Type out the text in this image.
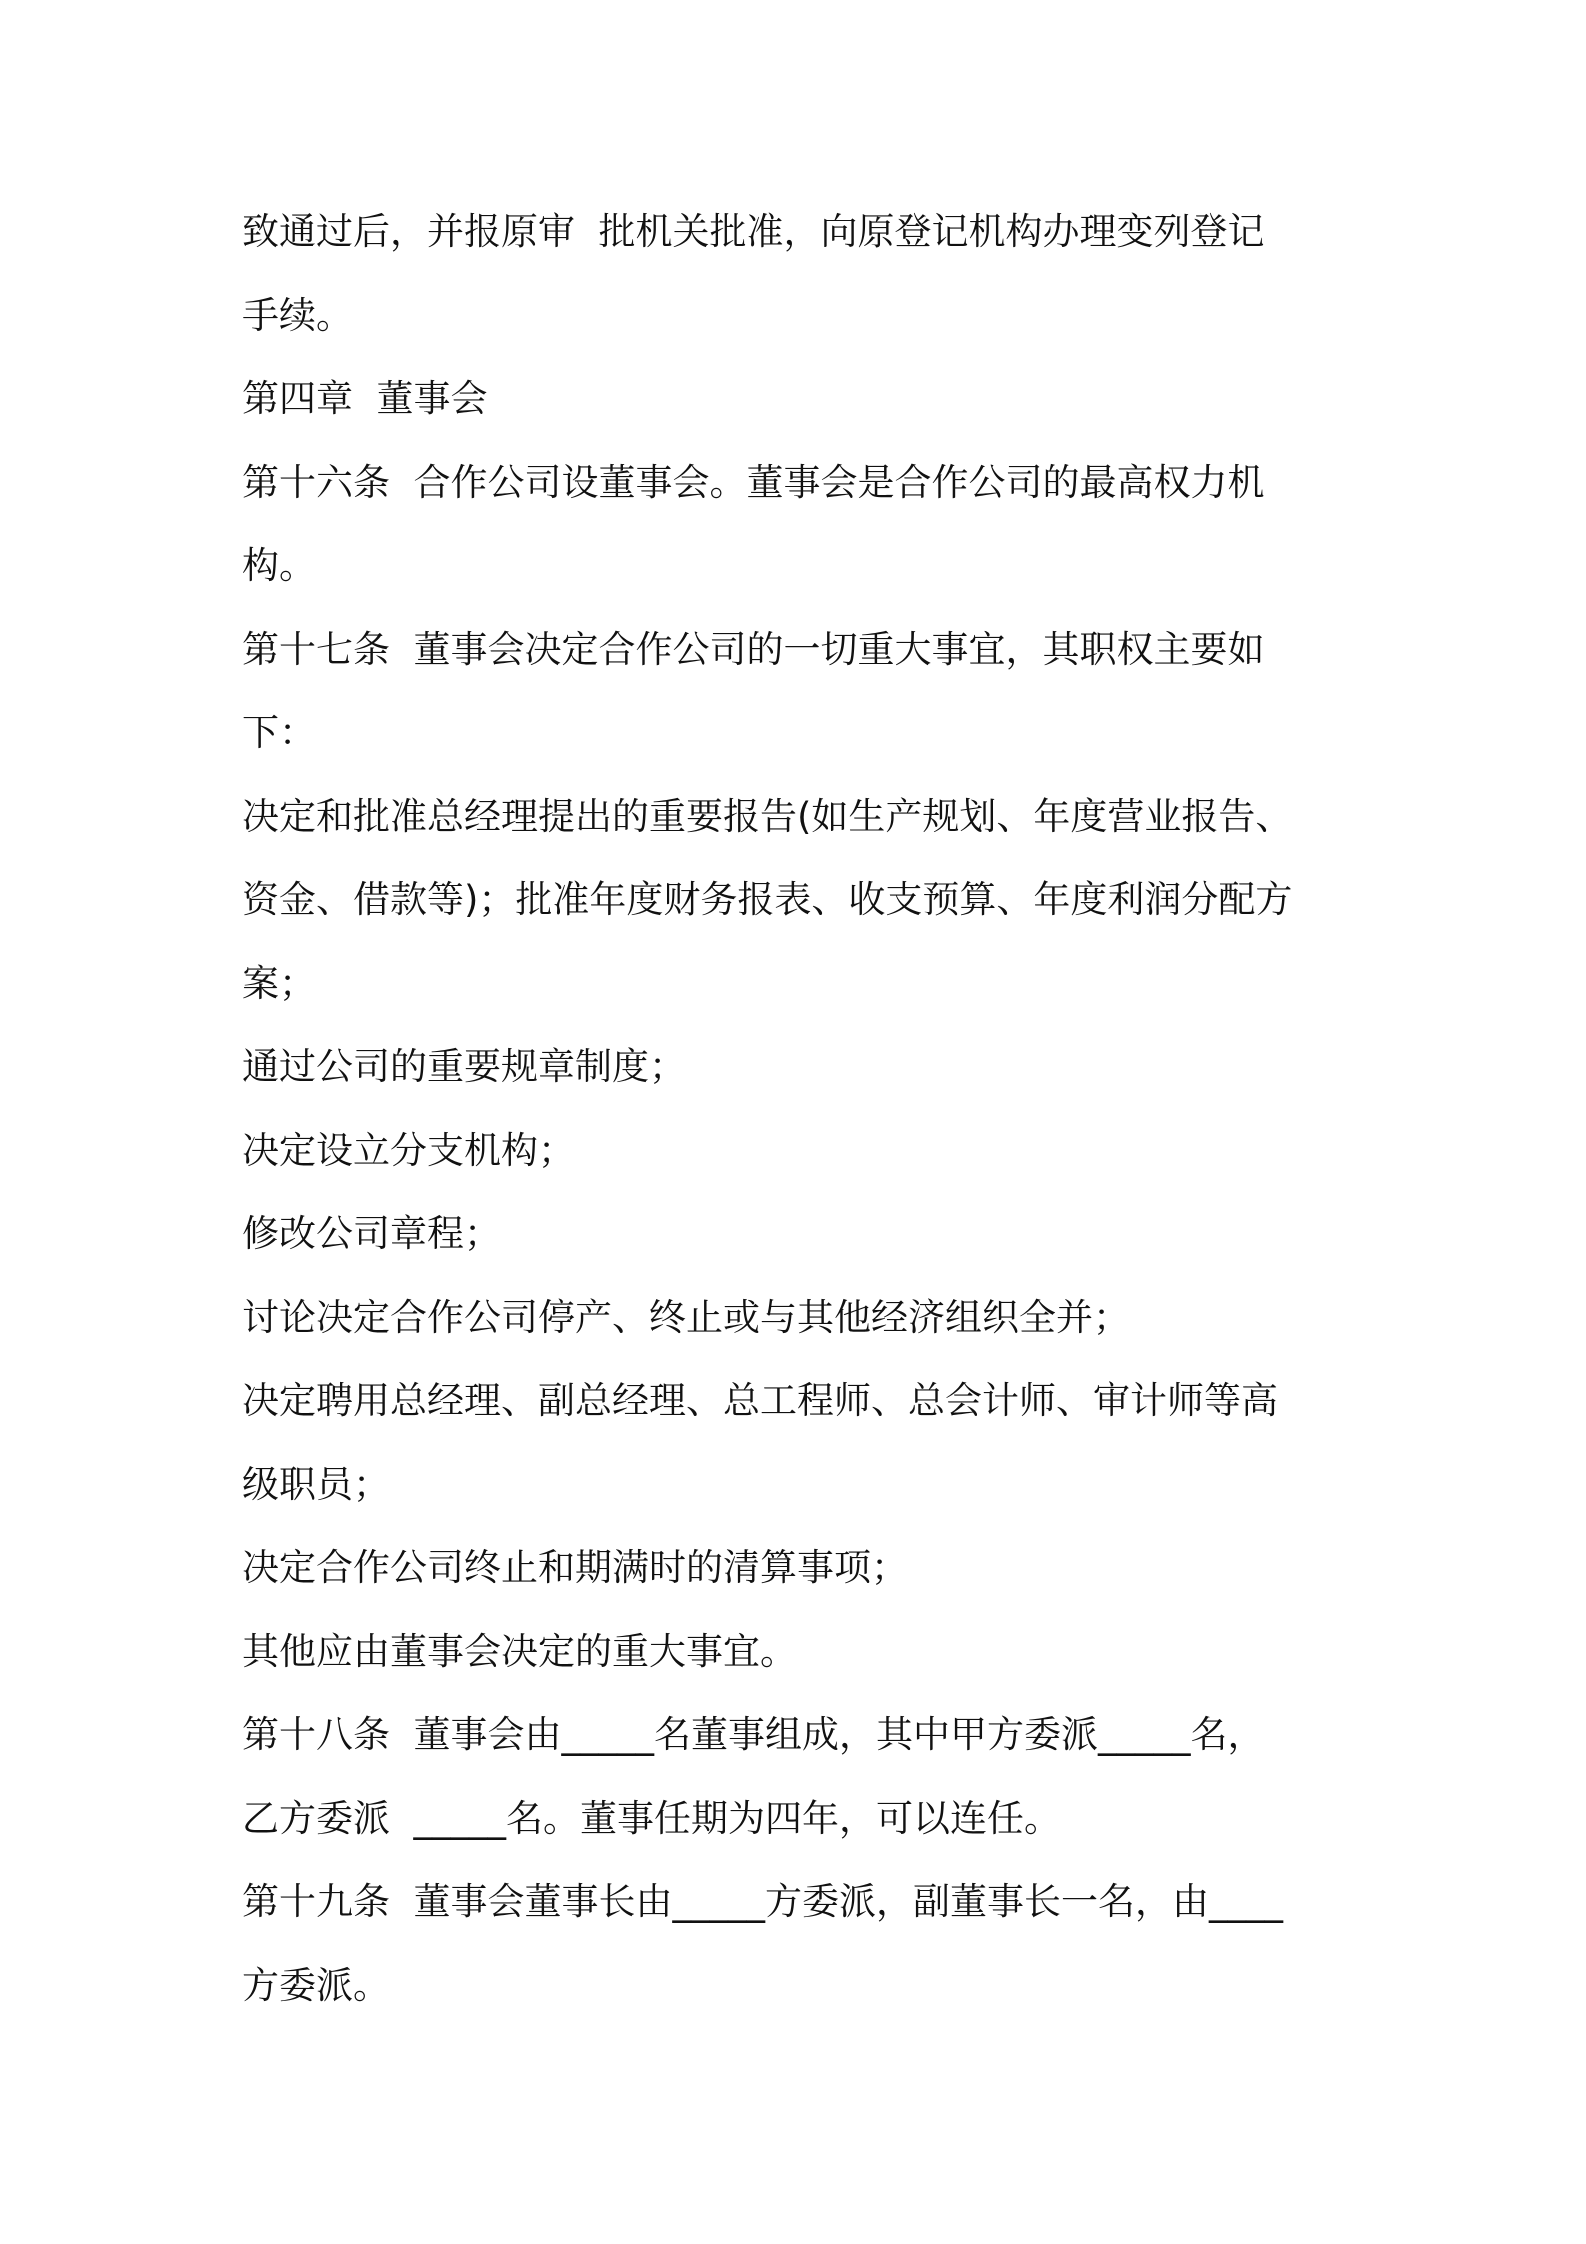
致通过后，并报原审  批机关批准，向原登记机构办理变列登记
手续。
第四章  董事会
第十六条  合作公司设董事会。董事会是合作公司的最高权力机
构。
第十七条  董事会决定合作公司的一切重大事宜，其职权主要如
下：
决定和批准总经理提出的重要报告(如生产规划、年度营业报告、
资金、借款等)；批准年度财务报表、收支预算、年度利润分配方
案；
通过公司的重要规章制度；
决定设立分支机构；
修改公司章程；
讨论决定合作公司停产、终止或与其他经济组织全并；
决定聘用总经理、副总经理、总工程师、总会计师、审计师等高
级职员；
决定合作公司终止和期满时的清算事项；
其他应由董事会决定的重大事宜。
第十八条  董事会由_____名董事组成，其中甲方委派_____名，
乙方委派  _____名。董事任期为四年，可以连任。
第十九条  董事会董事长由_____方委派，副董事长一名，由____
方委派。
